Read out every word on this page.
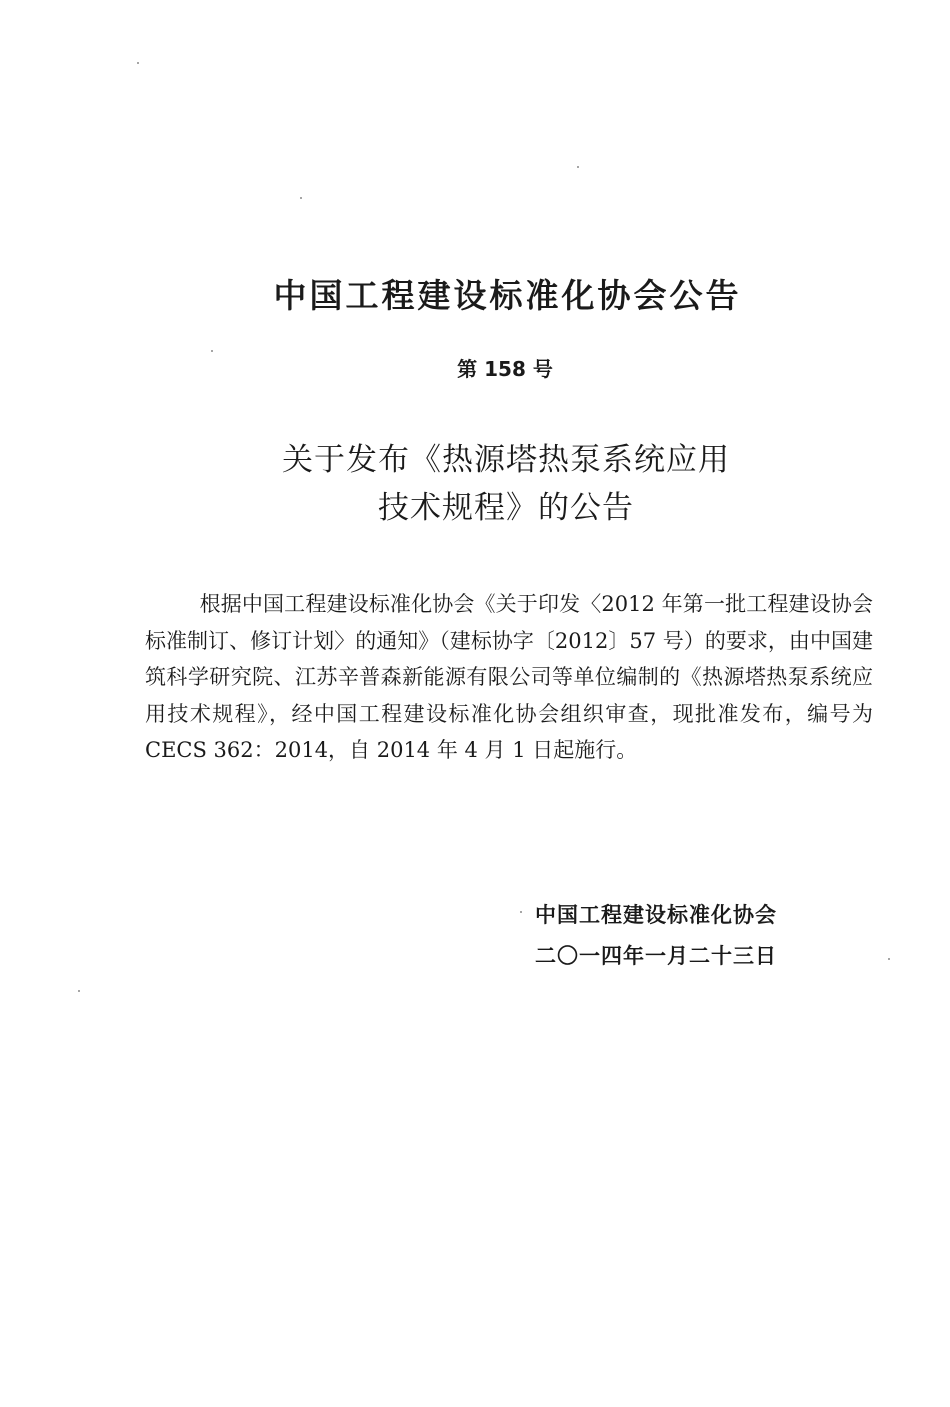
中国工程建设标准化协会公告
第 158 号
关于发布《热源塔热泵系统应用
技术规程》的公告

根据中国工程建设标准化协会《关于印发〈2012 年第一批工程建设协会标准制订、修订计划〉的通知》（建标协字〔2012〕57 号）的要求，由中国建筑科学研究院、江苏辛普森新能源有限公司等单位编制的《热源塔热泵系统应用技术规程》，经中国工程建设标准化协会组织审查，现批准发布，编号为 CECS 362：2014，自 2014 年 4 月 1 日起施行。

中国工程建设标准化协会
二〇一四年一月二十三日
